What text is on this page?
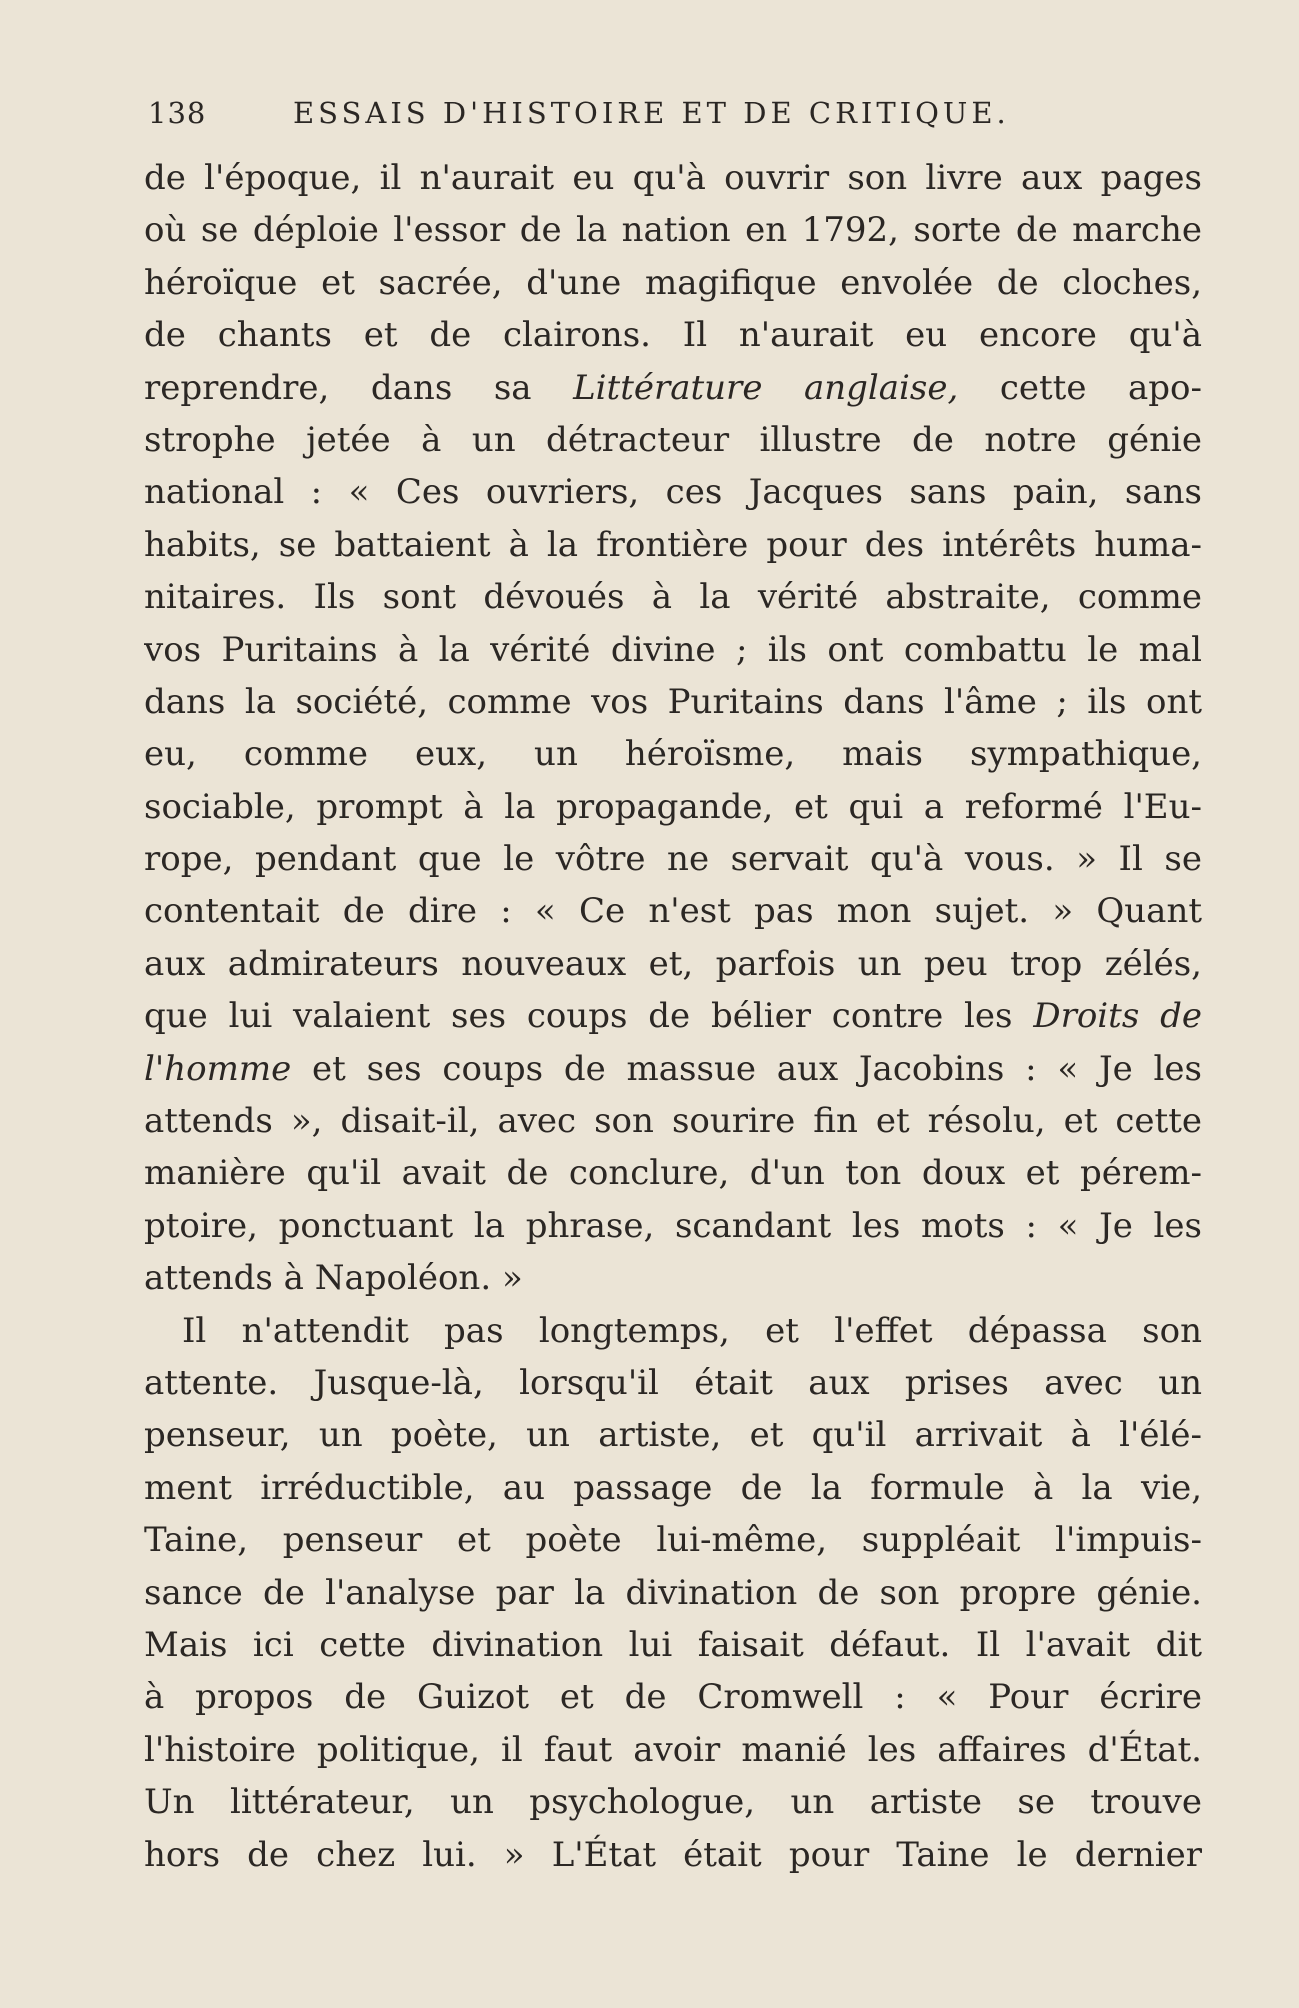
138	ESSAIS D'HISTOIRE ET DE CRITIQUE.
de l'époque, il n'aurait eu qu'à ouvrir son livre aux pages
où se déploie l'essor de la nation en 1792, sorte de marche
héroïque et sacrée, d'une magifique envolée de cloches,
de chants et de clairons. Il n'aurait eu encore qu'à
reprendre, dans sa Littérature anglaise, cette apo-
strophe jetée à un détracteur illustre de notre génie
national : « Ces ouvriers, ces Jacques sans pain, sans
habits, se battaient à la frontière pour des intérêts huma-
nitaires. Ils sont dévoués à la vérité abstraite, comme
vos Puritains à la vérité divine ; ils ont combattu le mal
dans la société, comme vos Puritains dans l'âme ; ils ont
eu, comme eux, un héroïsme, mais sympathique,
sociable, prompt à la propagande, et qui a reformé l'Eu-
rope, pendant que le vôtre ne servait qu'à vous. » Il se
contentait de dire : « Ce n'est pas mon sujet. » Quant
aux admirateurs nouveaux et, parfois un peu trop zélés,
que lui valaient ses coups de bélier contre les Droits de
l'homme et ses coups de massue aux Jacobins : « Je les
attends », disait-il, avec son sourire fin et résolu, et cette
manière qu'il avait de conclure, d'un ton doux et pérem-
ptoire, ponctuant la phrase, scandant les mots : « Je les
attends à Napoléon. »
Il n'attendit pas longtemps, et l'effet dépassa son
attente. Jusque-là, lorsqu'il était aux prises avec un
penseur, un poète, un artiste, et qu'il arrivait à l'élé-
ment irréductible, au passage de la formule à la vie,
Taine, penseur et poète lui-même, suppléait l'impuis-
sance de l'analyse par la divination de son propre génie.
Mais ici cette divination lui faisait défaut. Il l'avait dit
à propos de Guizot et de Cromwell : « Pour écrire
l'histoire politique, il faut avoir manié les affaires d'État.
Un littérateur, un psychologue, un artiste se trouve
hors de chez lui. » L'État était pour Taine le dernier
